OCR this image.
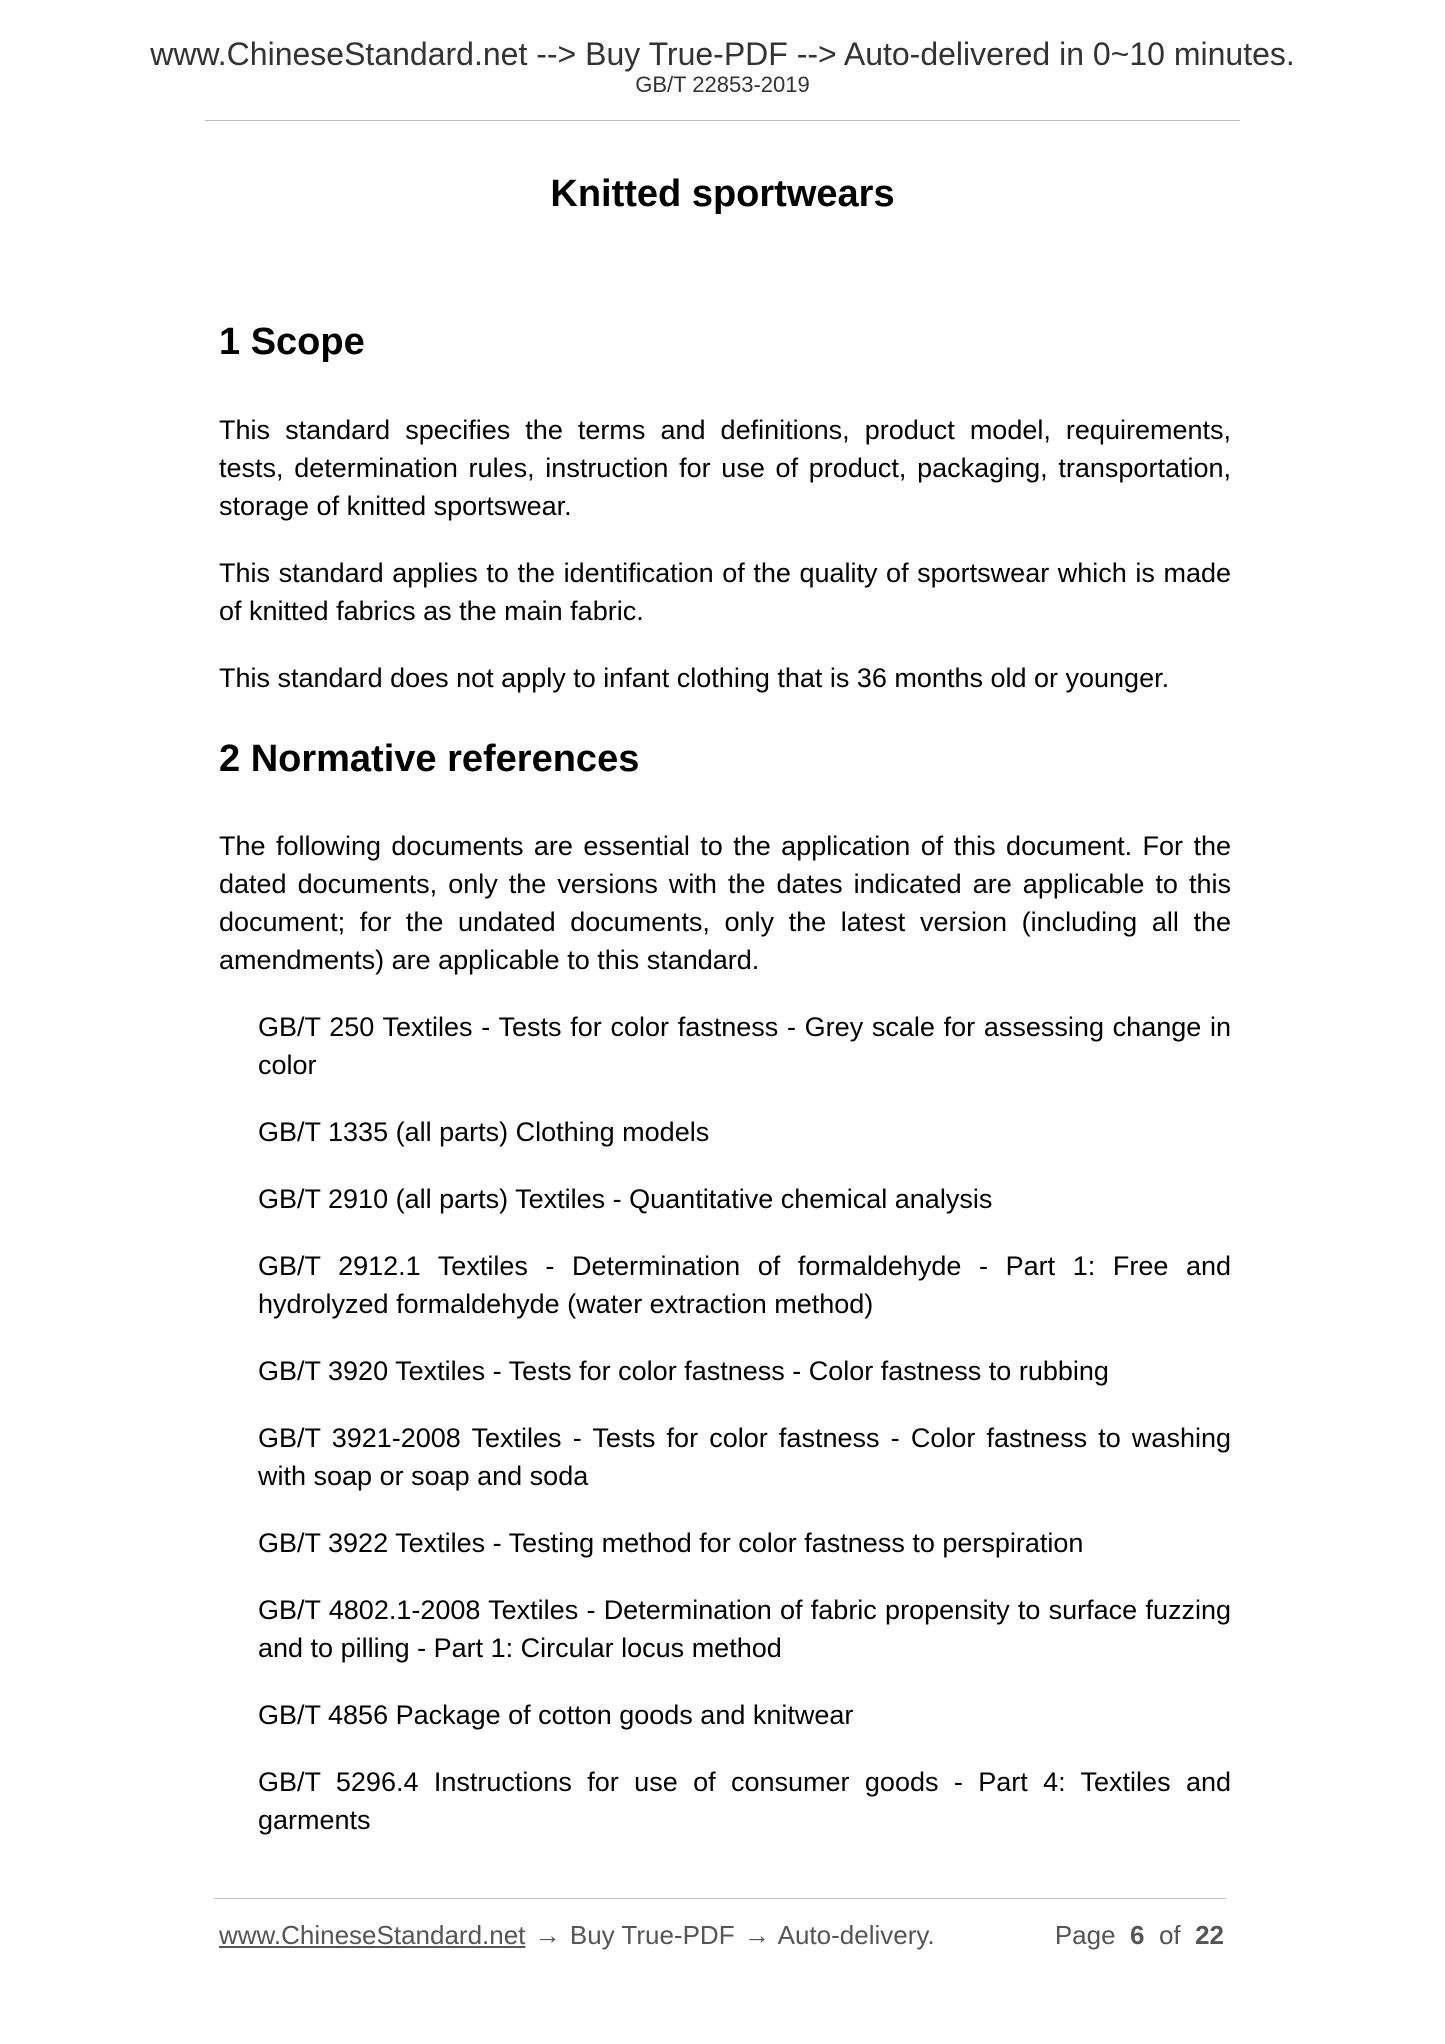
www.ChineseStandard.net --> Buy True-PDF --> Auto-delivered in 0~10 minutes.
GB/T 22853-2019
Knitted sportwears
1 Scope

This standard specifies the terms and definitions, product model, requirements, tests, determination rules, instruction for use of product, packaging, transportation, storage of knitted sportswear.

This standard applies to the identification of the quality of sportswear which is made of knitted fabrics as the main fabric.

This standard does not apply to infant clothing that is 36 months old or younger.

2 Normative references

The following documents are essential to the application of this document. For the dated documents, only the versions with the dates indicated are applicable to this document; for the undated documents, only the latest version (including all the amendments) are applicable to this standard.

GB/T 250 Textiles - Tests for color fastness - Grey scale for assessing change in color

GB/T 1335 (all parts) Clothing models

GB/T 2910 (all parts) Textiles - Quantitative chemical analysis

GB/T 2912.1 Textiles - Determination of formaldehyde - Part 1: Free and hydrolyzed formaldehyde (water extraction method)

GB/T 3920 Textiles - Tests for color fastness - Color fastness to rubbing

GB/T 3921-2008 Textiles - Tests for color fastness - Color fastness to washing with soap or soap and soda

GB/T 3922 Textiles - Testing method for color fastness to perspiration

GB/T 4802.1-2008 Textiles - Determination of fabric propensity to surface fuzzing and to pilling - Part 1: Circular locus method

GB/T 4856 Package of cotton goods and knitwear

GB/T 5296.4 Instructions for use of consumer goods - Part 4: Textiles and garments

www.ChineseStandard.net → Buy True-PDF → Auto-delivery.	Page 6 of 22
